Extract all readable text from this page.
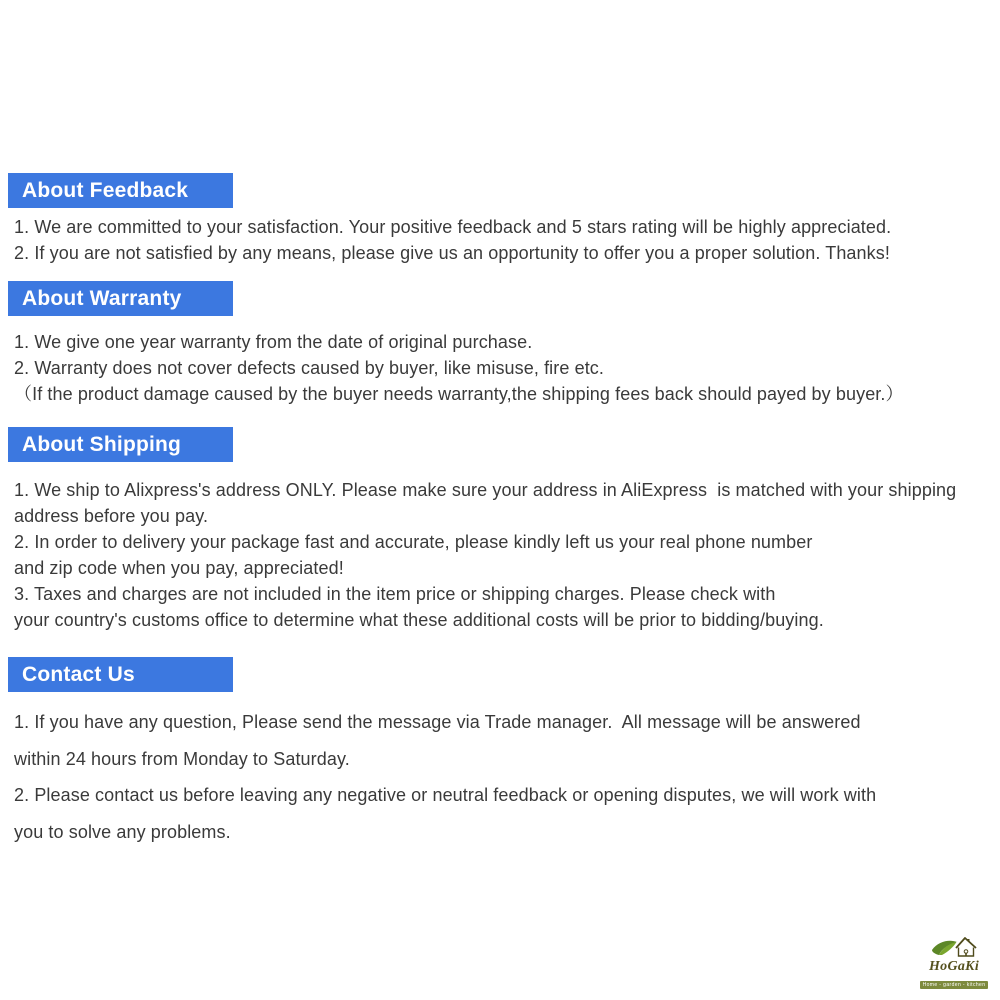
About Feedback

1. We are committed to your satisfaction. Your positive feedback and 5 stars rating will be highly appreciated.

2. If you are not satisfied by any means, please give us an opportunity to offer you a proper solution. Thanks!

About Warranty

1. We give one year warranty from the date of original purchase.

2. Warranty does not cover defects caused by buyer, like misuse, fire etc.

（If the product damage caused by the buyer needs warranty,the shipping fees back should payed by buyer.）

About Shipping

1. We ship to Alixpress's address ONLY. Please make sure your address in AliExpress  is matched with your shipping

address before you pay.

2. In order to delivery your package fast and accurate, please kindly left us your real phone number

and zip code when you pay, appreciated!

3. Taxes and charges are not included in the item price or shipping charges. Please check with

your country's customs office to determine what these additional costs will be prior to bidding/buying.

Contact Us

1. If you have any question, Please send the message via Trade manager.  All message will be answered

within 24 hours from Monday to Saturday.

2. Please contact us before leaving any negative or neutral feedback or opening disputes, we will work with

you to solve any problems.

HoGaKi
Home - garden - kitchen
